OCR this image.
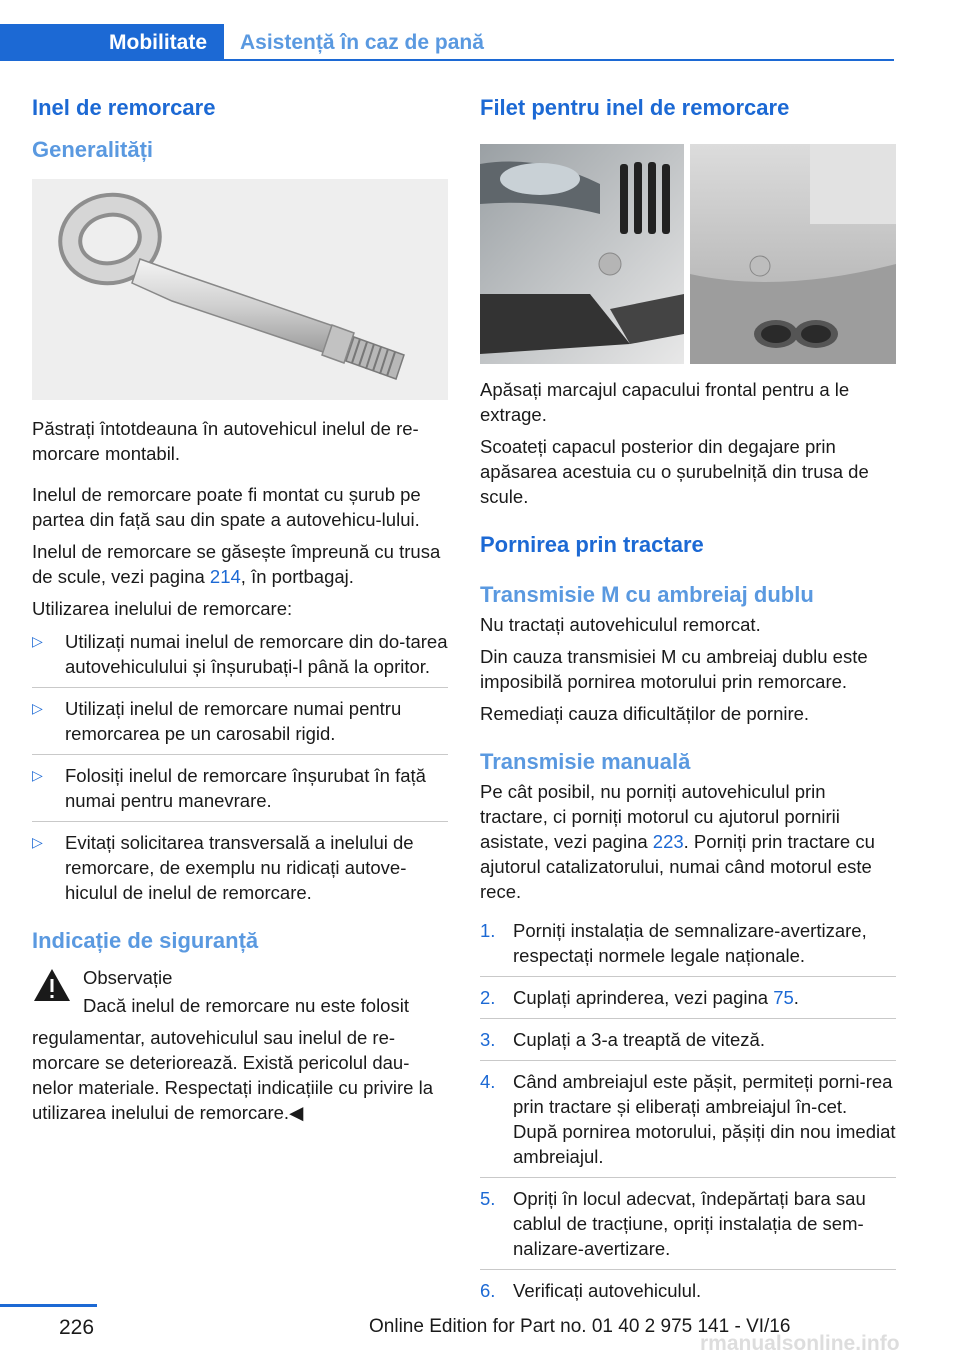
Mobilitate	Asistență în caz de pană
Inel de remorcare
Generalități

Păstrați întotdeauna în autovehicul inelul de re‐morcare montabil.

Inelul de remorcare poate fi montat cu șurub pe partea din față sau din spate a autovehicu‐lului.

Inelul de remorcare se găsește împreună cu trusa de scule, vezi pagina 214, în portbagaj.

Utilizarea inelului de remorcare:

▷ Utilizați numai inelul de remorcare din do‐tarea autovehiculului și înșurubați-l până la opritor.
▷ Utilizați inelul de remorcare numai pentru remorcarea pe un carosabil rigid.
▷ Folosiți inelul de remorcare înșurubat în față numai pentru manevrare.
▷ Evitați solicitarea transversală a inelului de remorcare, de exemplu nu ridicați autove‐hiculul de inelul de remorcare.
Indicație de siguranță

Observație

Dacă inelul de remorcare nu este folosit

regulamentar, autovehiculul sau inelul de re‐morcare se deteriorează. Există pericolul dau‐nelor materiale. Respectați indicațiile cu privire la utilizarea inelului de remorcare.◀

Filet pentru inel de remorcare

Apăsați marcajul capacului frontal pentru a le extrage.

Scoateți capacul posterior din degajare prin apăsarea acestuia cu o șurubelniță din trusa de scule.

Pornirea prin tractare
Transmisie M cu ambreiaj dublu

Nu tractați autovehiculul remorcat.

Din cauza transmisiei M cu ambreiaj dublu este imposibilă pornirea motorului prin remorcare.

Remediați cauza dificultăților de pornire.

Transmisie manuală

Pe cât posibil, nu porniți autovehiculul prin tractare, ci porniți motorul cu ajutorul pornirii asistate, vezi pagina 223. Porniți prin tractare cu ajutorul catalizatorului, numai când motorul este rece.

1. Porniți instalația de semnalizare-avertizare, respectați normele legale naționale.
2. Cuplați aprinderea, vezi pagina 75.
3. Cuplați a 3-a treaptă de viteză.
4. Când ambreiajul este pășit, permiteți porni‐rea prin tractare și eliberați ambreiajul în‐cet. După pornirea motorului, pășiți din nou imediat ambreiajul.
5. Opriți în locul adecvat, îndepărtați bara sau cablul de tracțiune, opriți instalația de sem‐nalizare-avertizare.
6. Verificați autovehiculul.
226	Online Edition for Part no. 01 40 2 975 141 - VI/16
rmanualsonline.info
